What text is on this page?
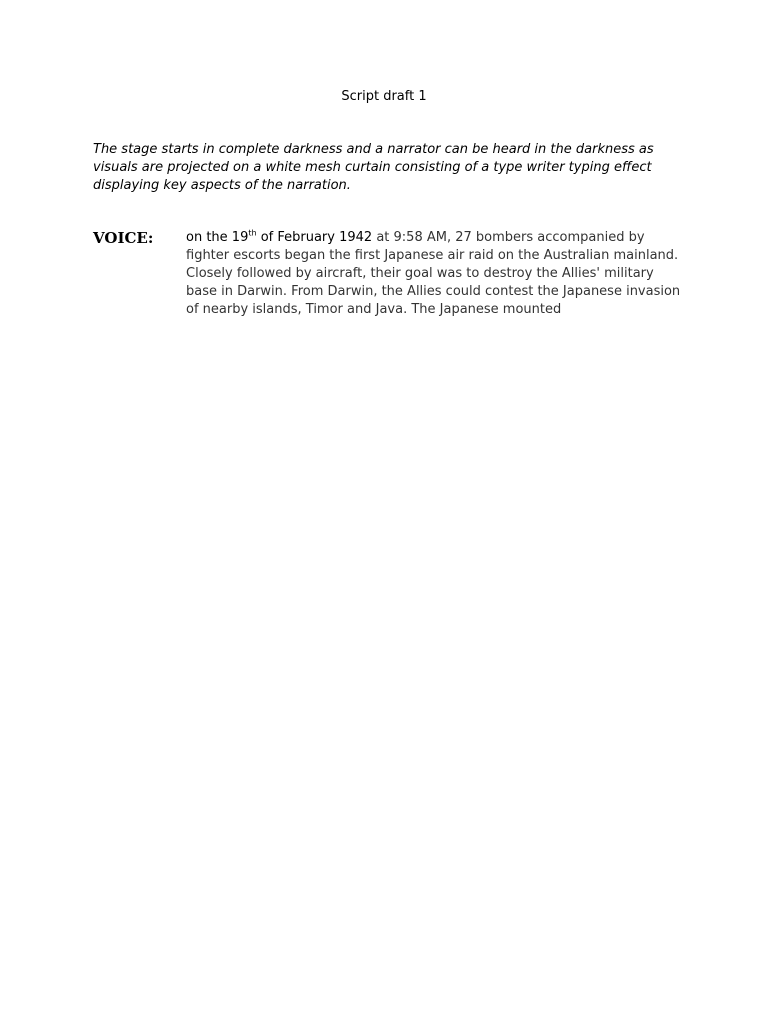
Script draft 1
The stage starts in complete darkness and a narrator can be heard in the darkness as visuals are projected on a white mesh curtain consisting of a type writer typing effect displaying key aspects of the narration.
VOICE:	on the 19th of February 1942 at 9:58 AM, 27 bombers accompanied by fighter escorts began the first Japanese air raid on the Australian mainland. Closely followed by aircraft, their goal was to destroy the Allies' military base in Darwin. From Darwin, the Allies could contest the Japanese invasion of nearby islands, Timor and Java. The Japanese mounted
